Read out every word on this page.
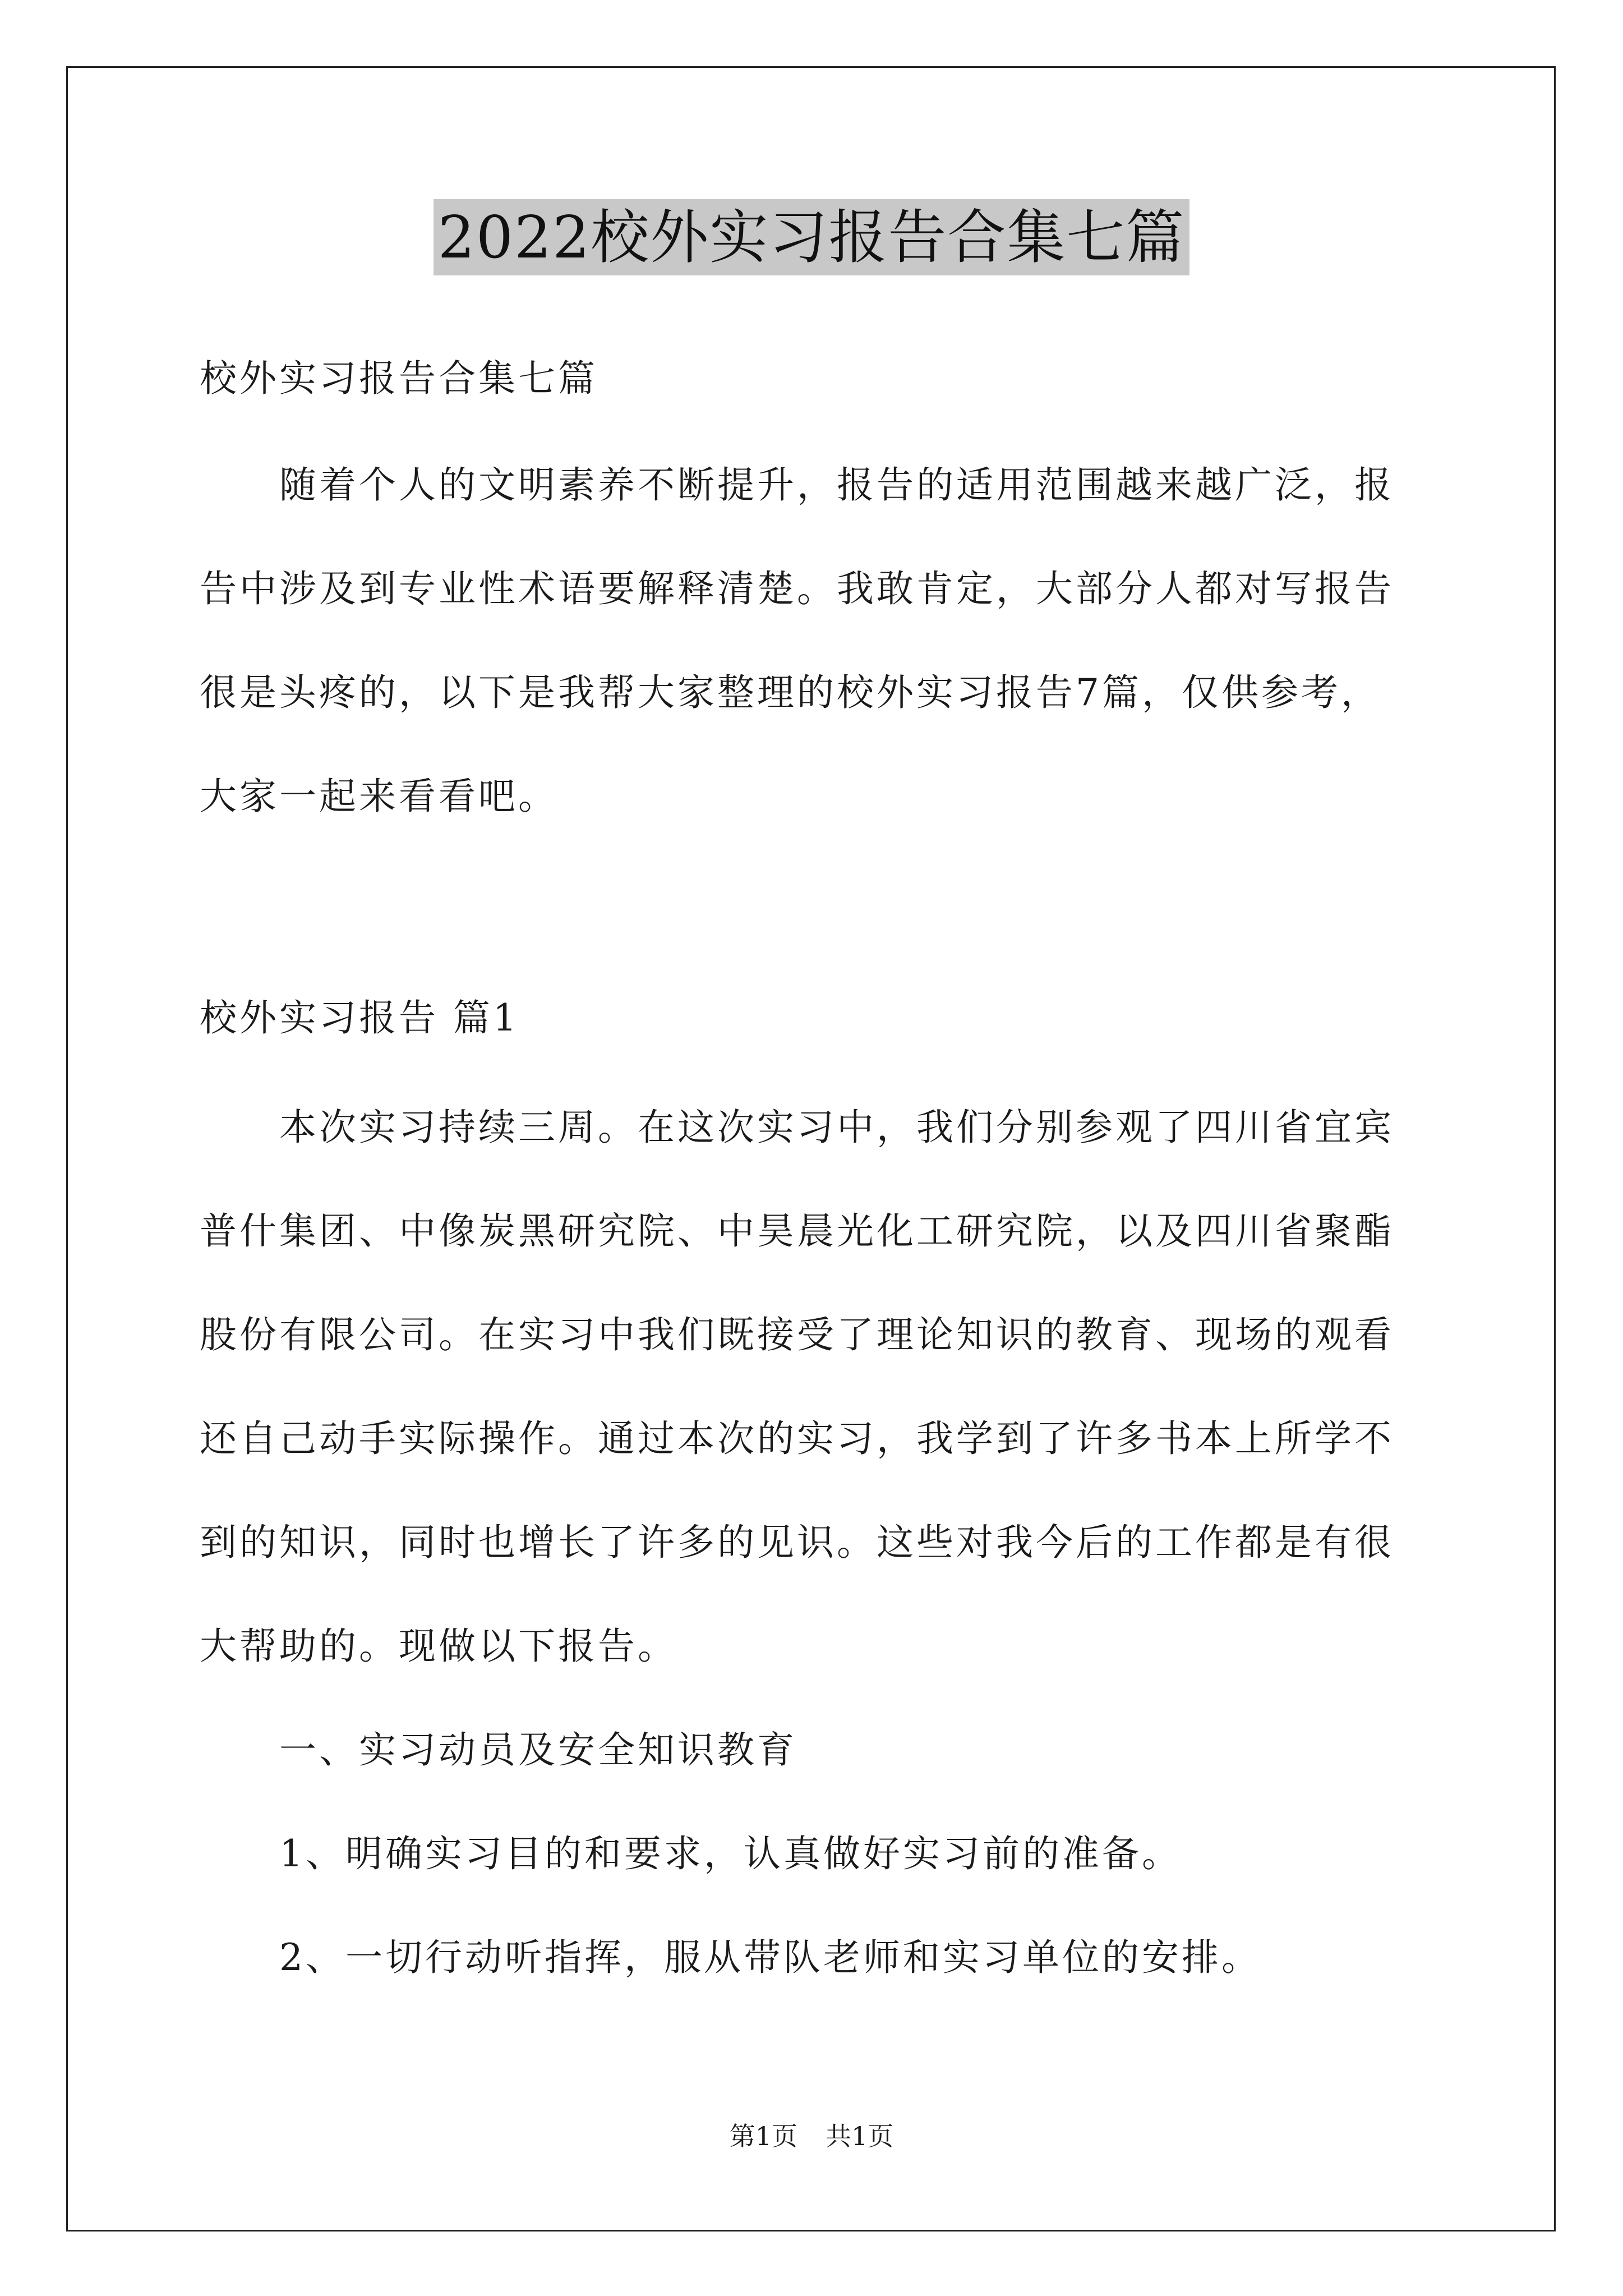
2022校外实习报告合集七篇
校外实习报告合集七篇
随着个人的文明素养不断提升，报告的适用范围越来越广泛，报
告中涉及到专业性术语要解释清楚。我敢肯定，大部分人都对写报告
很是头疼的，以下是我帮大家整理的校外实习报告7篇，仅供参考，
大家一起来看看吧。
校外实习报告 篇1
本次实习持续三周。在这次实习中，我们分别参观了四川省宜宾
普什集团、中像炭黑研究院、中昊晨光化工研究院，以及四川省聚酯
股份有限公司。在实习中我们既接受了理论知识的教育、现场的观看
还自己动手实际操作。通过本次的实习，我学到了许多书本上所学不
到的知识，同时也增长了许多的见识。这些对我今后的工作都是有很
大帮助的。现做以下报告。
一、实习动员及安全知识教育
1、明确实习目的和要求，认真做好实习前的准备。
2、一切行动听指挥，服从带队老师和实习单位的安排。
第1页 共1页
